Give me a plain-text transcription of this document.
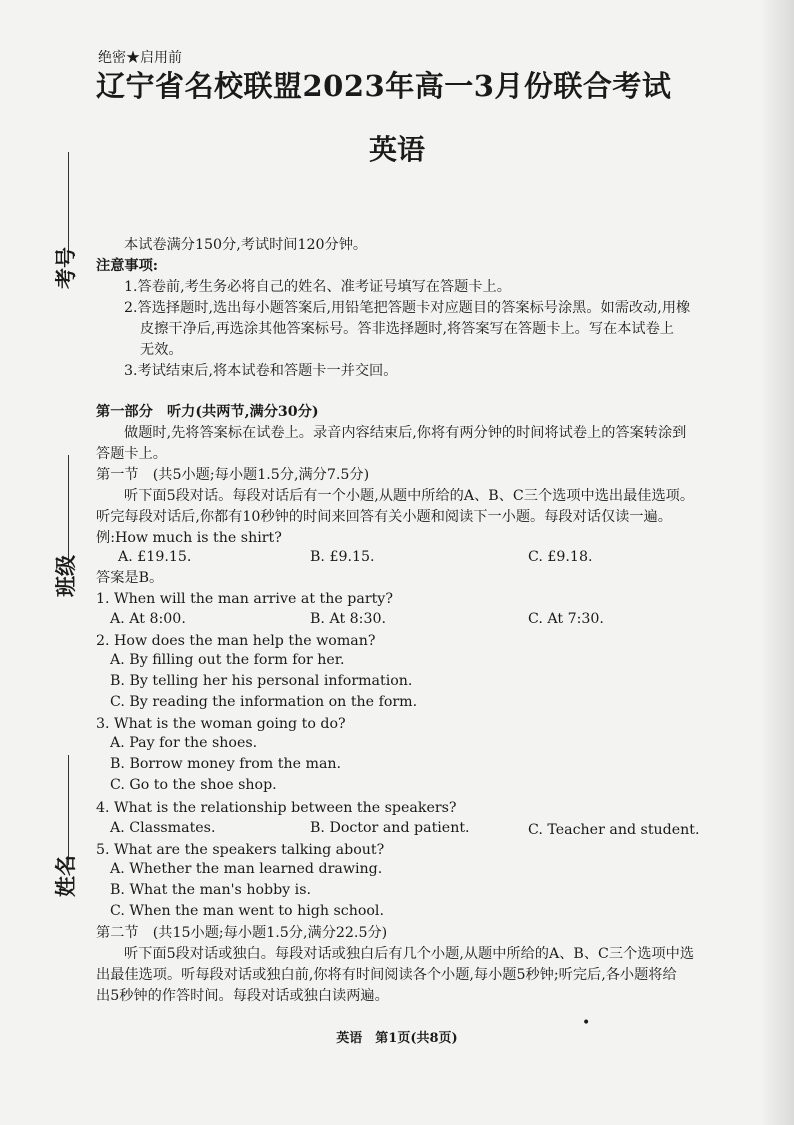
绝密★启用前
辽宁省名校联盟2023年高一3月份联合考试
英语
考号
班级
姓名
本试卷满分150分,考试时间120分钟。
注意事项:
1.答卷前,考生务必将自己的姓名、准考证号填写在答题卡上。
2.答选择题时,选出每小题答案后,用铅笔把答题卡对应题目的答案标号涂黑。如需改动,用橡
皮擦干净后,再选涂其他答案标号。答非选择题时,将答案写在答题卡上。写在本试卷上
无效。
3.考试结束后,将本试卷和答题卡一并交回。
第一部分　听力(共两节,满分30分)
做题时,先将答案标在试卷上。录音内容结束后,你将有两分钟的时间将试卷上的答案转涂到
答题卡上。
第一节　(共5小题;每小题1.5分,满分7.5分)
听下面5段对话。每段对话后有一个小题,从题中所给的A、B、C三个选项中选出最佳选项。
听完每段对话后,你都有10秒钟的时间来回答有关小题和阅读下一小题。每段对话仅读一遍。
例:How much is the shirt?
A. £19.15.	B. £9.15.	C. £9.18.
答案是B。
1. When will the man arrive at the party?
A. At 8:00.	B. At 8:30.	C. At 7:30.
2. How does the man help the woman?
A. By filling out the form for her.
B. By telling her his personal information.
C. By reading the information on the form.
3. What is the woman going to do?
A. Pay for the shoes.
B. Borrow money from the man.
C. Go to the shoe shop.
4. What is the relationship between the speakers?
A. Classmates.	B. Doctor and patient.	C. Teacher and student.
5. What are the speakers talking about?
A. Whether the man learned drawing.
B. What the man's hobby is.
C. When the man went to high school.
第二节　(共15小题;每小题1.5分,满分22.5分)
听下面5段对话或独白。每段对话或独白后有几个小题,从题中所给的A、B、C三个选项中选
出最佳选项。听每段对话或独白前,你将有时间阅读各个小题,每小题5秒钟;听完后,各小题将给
出5秒钟的作答时间。每段对话或独白读两遍。
•
英语　第1页(共8页)
